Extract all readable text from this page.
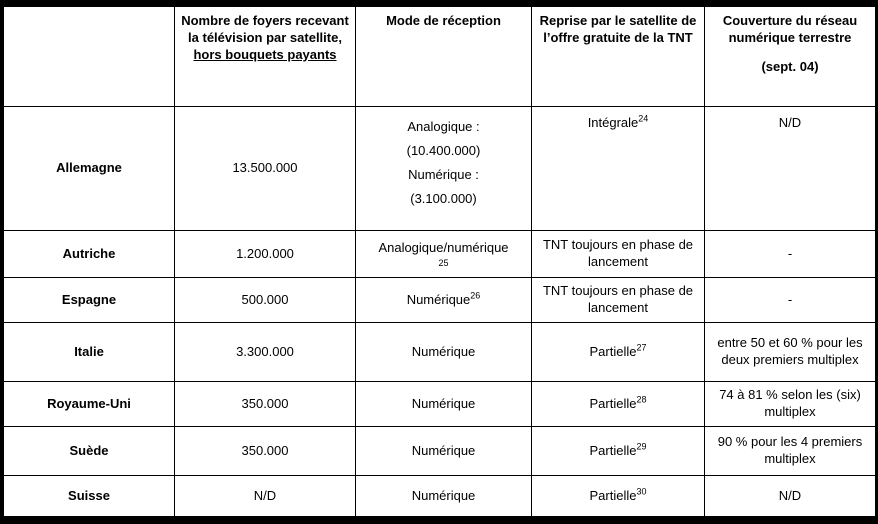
	Nombre de foyers recevant la télévision par satellite, hors bouquets payants	Mode de réception	Reprise par le satellite de l’offre gratuite de la TNT	Couverture du réseau numérique terrestre
(sept. 04)

Allemagne	13.500.000	Analogique :
(10.400.000)
Numérique :
(3.100.000)	Intégrale$^{24}$	N/D
Autriche	1.200.000	Analogique/numérique
25	TNT toujours en phase de lancement	-
Espagne	500.000	Numérique$^{26}$	TNT toujours en phase de lancement	-
Italie	3.300.000	Numérique	Partielle$^{27}$	entre 50 et 60 % pour les deux premiers multiplex
Royaume-Uni	350.000	Numérique	Partielle$^{28}$	74 à 81 % selon les (six) multiplex
Suède	350.000	Numérique	Partielle$^{29}$	90 % pour les 4 premiers multiplex
Suisse	N/D	Numérique	Partielle$^{30}$	N/D
